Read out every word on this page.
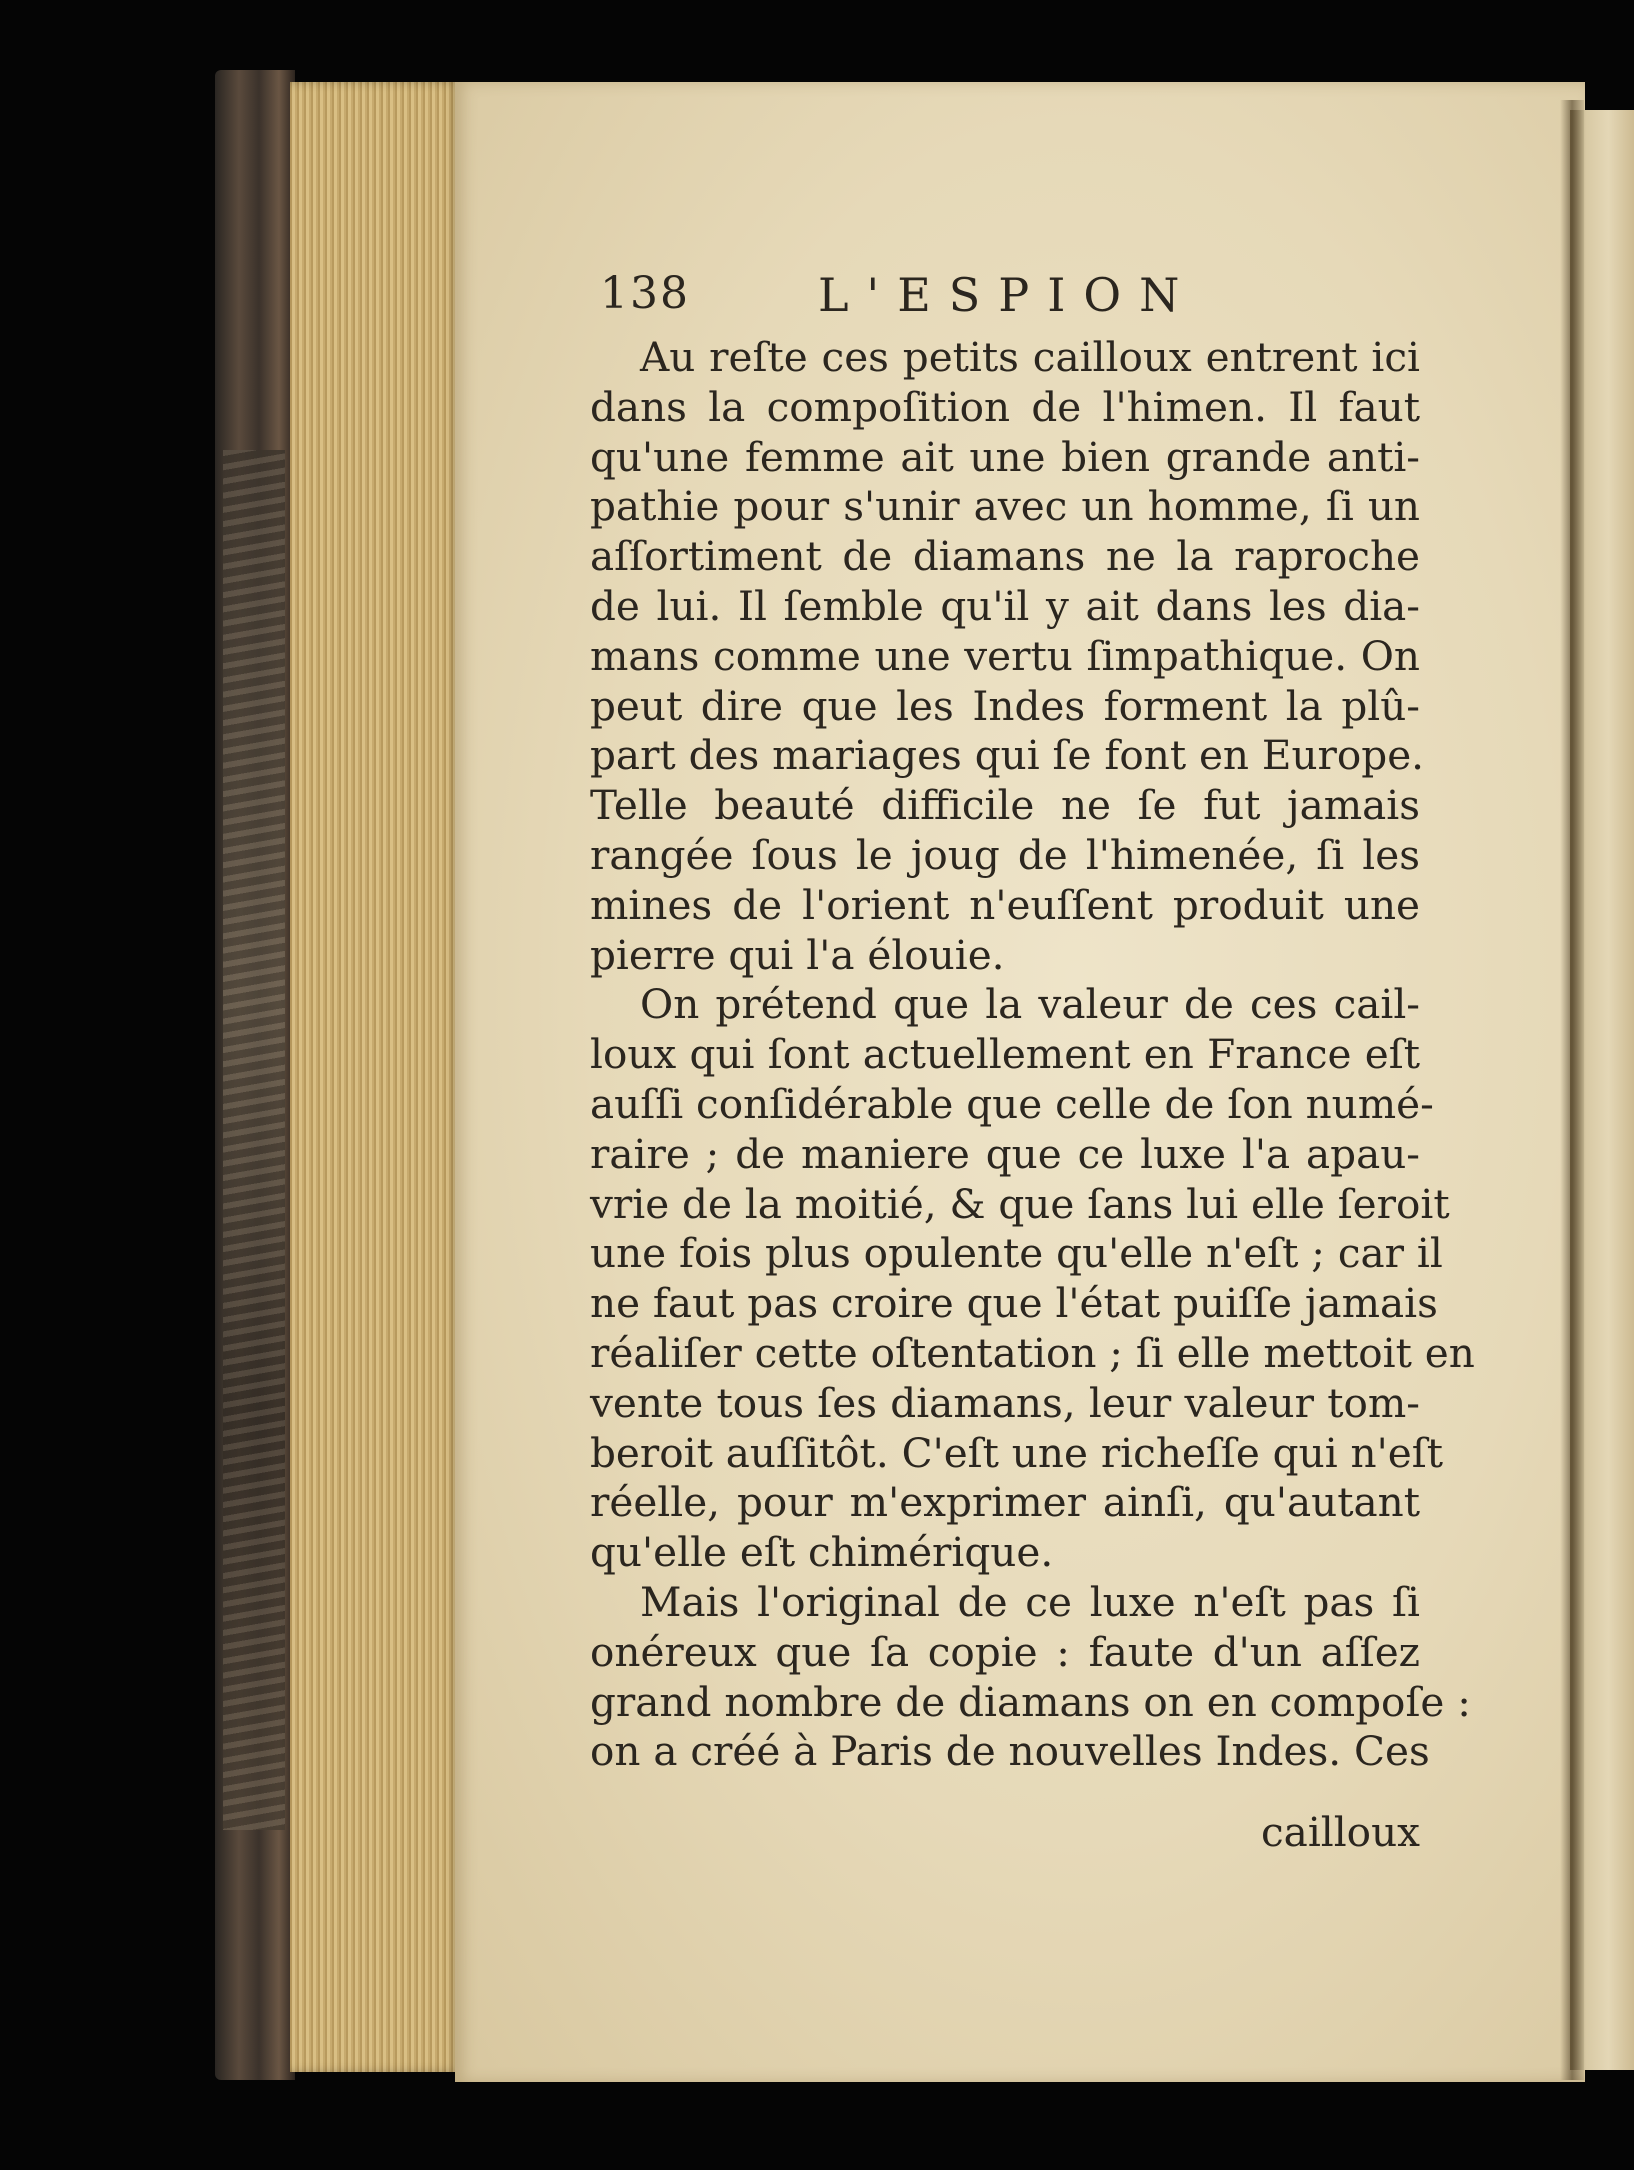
138	L'ESPION
Au reſte ces petits cailloux entrent ici
dans la compoſition de l'himen. Il faut
qu'une femme ait une bien grande anti-
pathie pour s'unir avec un homme, ſi un
aſſortiment de diamans ne la raproche
de lui. Il ſemble qu'il y ait dans les dia-
mans comme une vertu ſimpathique. On
peut dire que les Indes forment la plû-
part des mariages qui ſe font en Europe.
Telle beauté difficile ne ſe fut jamais
rangée ſous le joug de l'himenée, ſi les
mines de l'orient n'euſſent produit une
pierre qui l'a élouie.
On prétend que la valeur de ces cail-
loux qui ſont actuellement en France eſt
auſſi conſidérable que celle de ſon numé-
raire ; de maniere que ce luxe l'a apau-
vrie de la moitié, & que ſans lui elle ſeroit
une fois plus opulente qu'elle n'eſt ; car il
ne faut pas croire que l'état puiſſe jamais
réaliſer cette oſtentation ; ſi elle mettoit en
vente tous ſes diamans, leur valeur tom-
beroit auſſitôt. C'eſt une richeſſe qui n'eſt
réelle, pour m'exprimer ainſi, qu'autant
qu'elle eſt chimérique.
Mais l'original de ce luxe n'eſt pas ſi
onéreux que ſa copie : faute d'un aſſez
grand nombre de diamans on en compoſe :
on a créé à Paris de nouvelles Indes. Ces
cailloux
